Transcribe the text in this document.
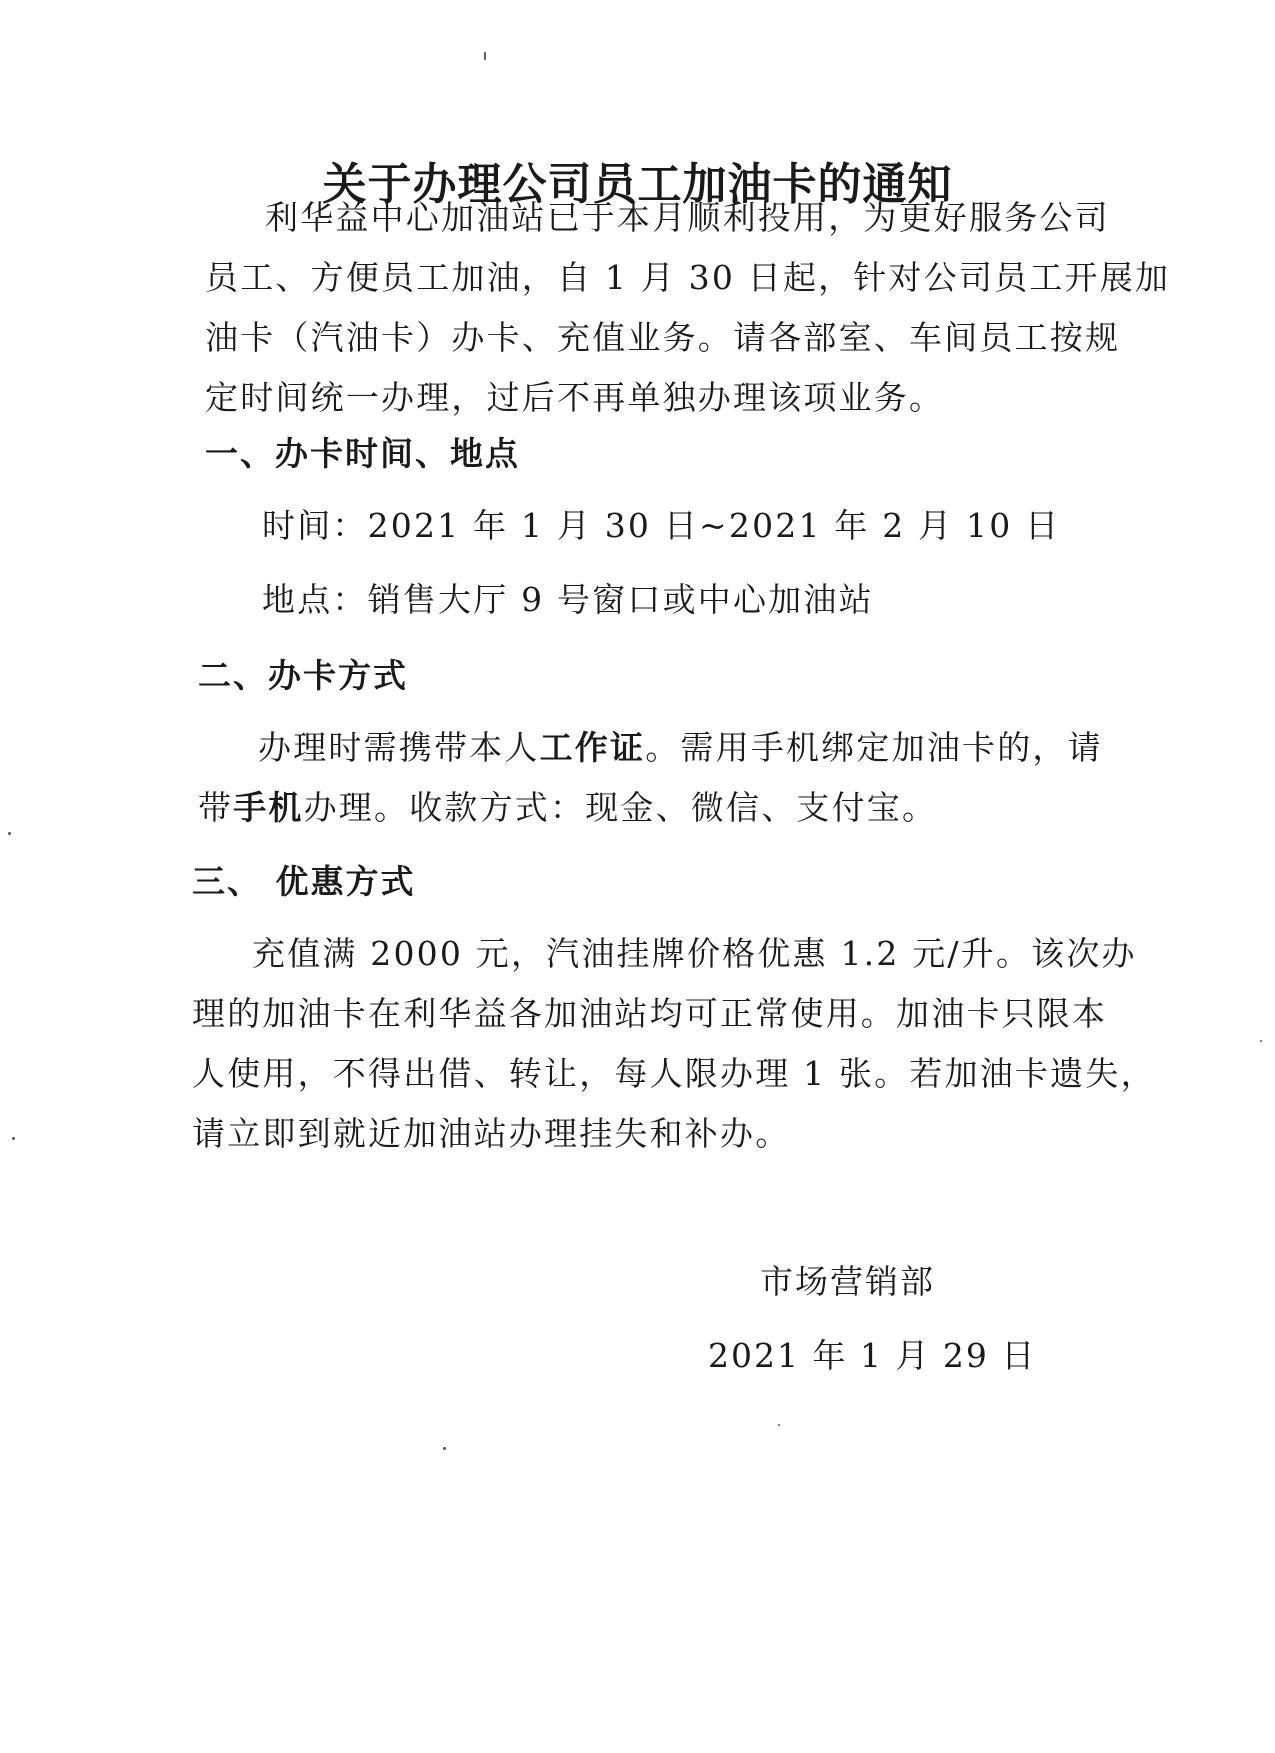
关于办理公司员工加油卡的通知
利华益中心加油站已于本月顺利投用，为更好服务公司
员工、方便员工加油，自 1 月 30 日起，针对公司员工开展加
油卡（汽油卡）办卡、充值业务。请各部室、车间员工按规
定时间统一办理，过后不再单独办理该项业务。
一、办卡时间、地点
时间：2021 年 1 月 30 日~2021 年 2 月 10 日
地点：销售大厅 9 号窗口或中心加油站
二、办卡方式
办理时需携带本人工作证。需用手机绑定加油卡的，请
带手机办理。收款方式：现金、微信、支付宝。
三、 优惠方式
充值满 2000 元，汽油挂牌价格优惠 1.2 元/升。该次办
理的加油卡在利华益各加油站均可正常使用。加油卡只限本
人使用，不得出借、转让，每人限办理 1 张。若加油卡遗失，
请立即到就近加油站办理挂失和补办。
市场营销部
2021 年 1 月 29 日
